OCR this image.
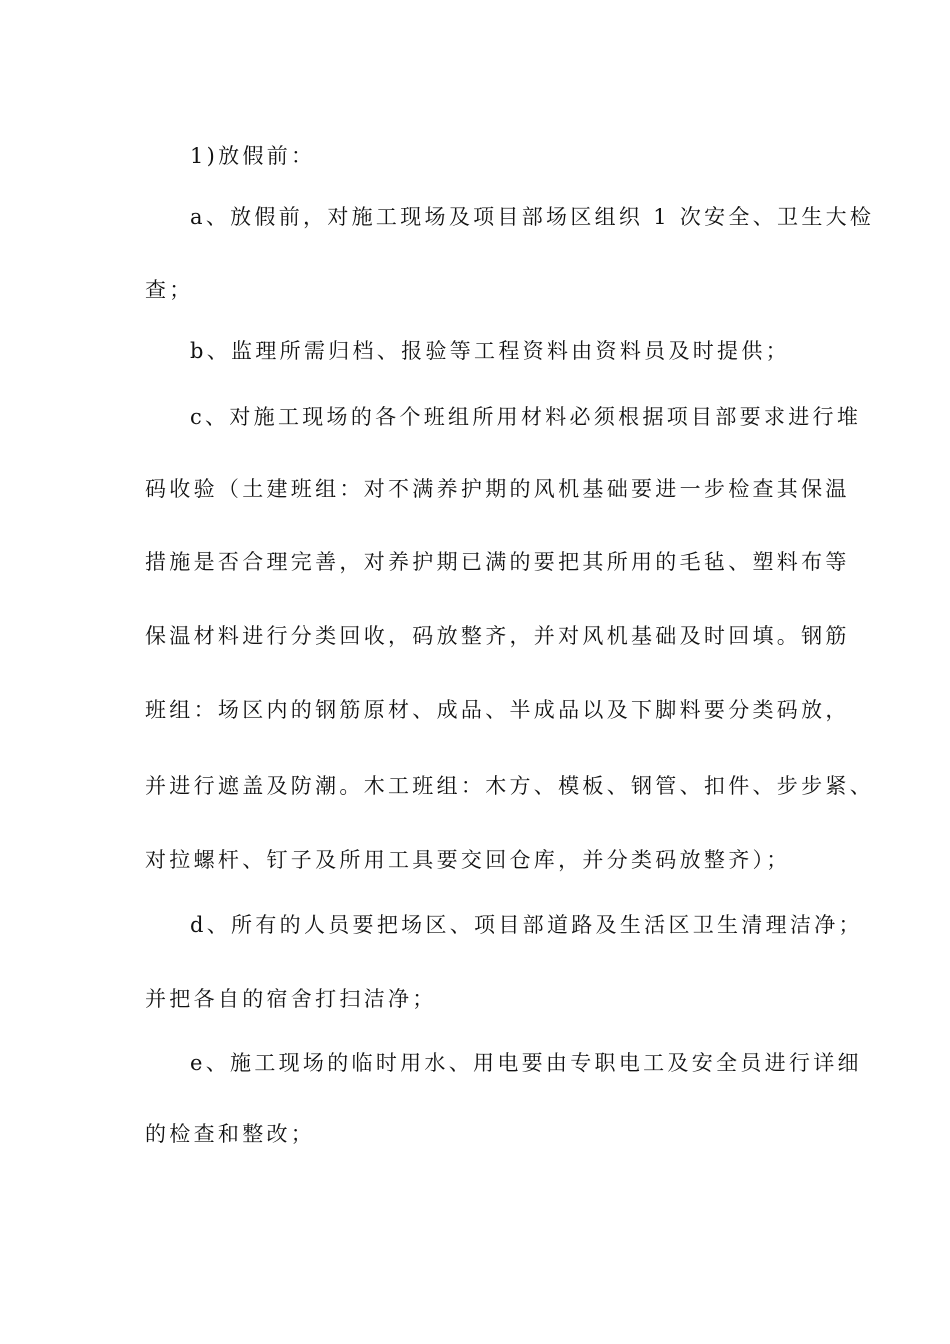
1)放假前：
a、放假前，对施工现场及项目部场区组织 1 次安全、卫生大检
查；
b、监理所需归档、报验等工程资料由资料员及时提供；
c、对施工现场的各个班组所用材料必须根据项目部要求进行堆
码收验（土建班组：对不满养护期的风机基础要进一步检查其保温
措施是否合理完善，对养护期已满的要把其所用的毛毡、塑料布等
保温材料进行分类回收，码放整齐，并对风机基础及时回填。钢筋
班组：场区内的钢筋原材、成品、半成品以及下脚料要分类码放，
并进行遮盖及防潮。木工班组：木方、模板、钢管、扣件、步步紧、
对拉螺杆、钉子及所用工具要交回仓库，并分类码放整齐）；
d、所有的人员要把场区、项目部道路及生活区卫生清理洁净；
并把各自的宿舍打扫洁净；
e、施工现场的临时用水、用电要由专职电工及安全员进行详细
的检查和整改；
